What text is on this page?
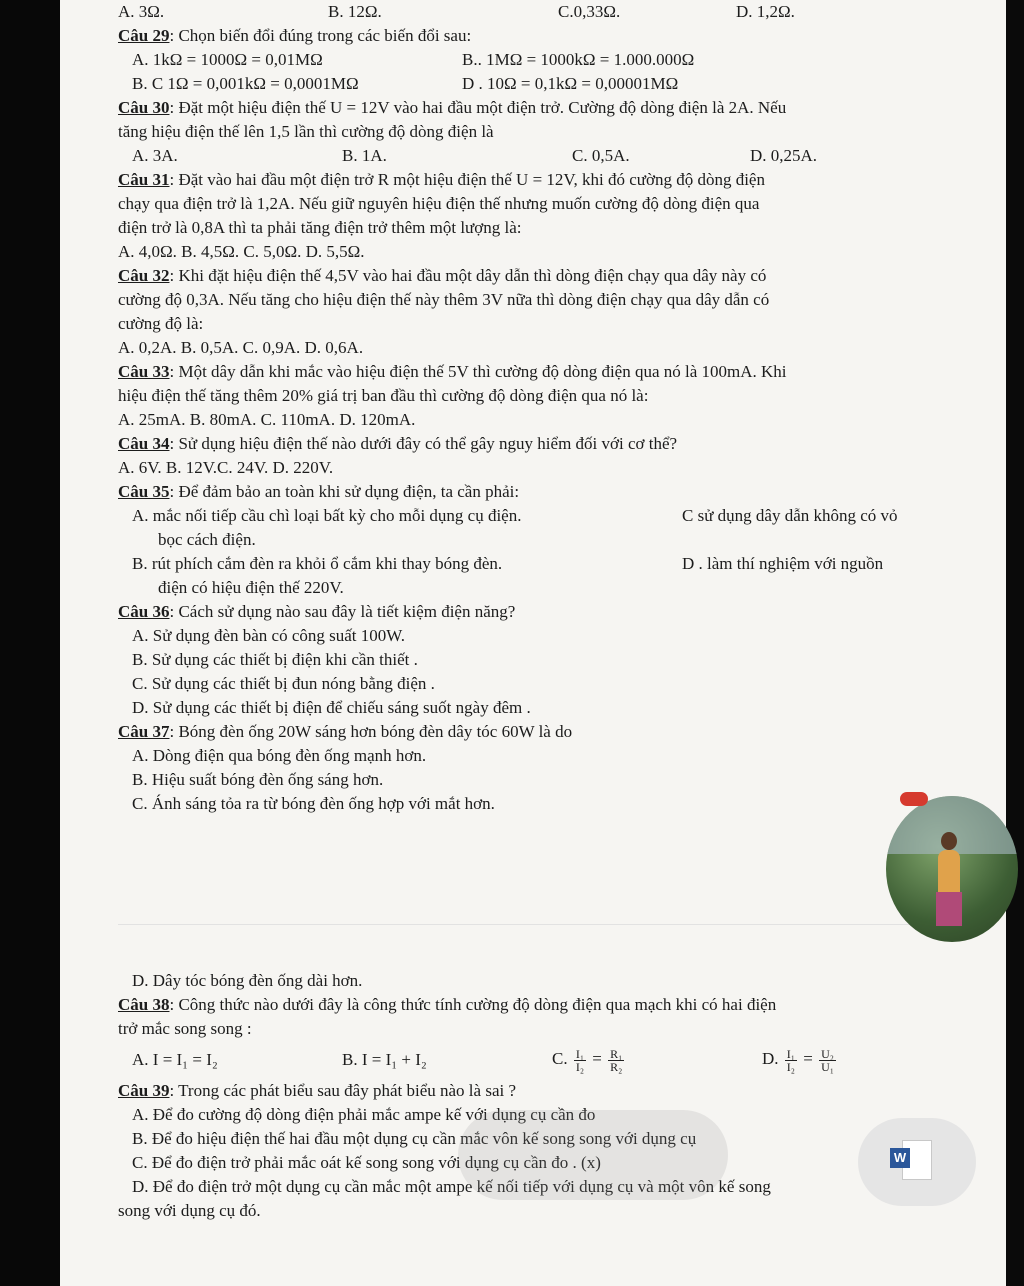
A. 3Ω.	B. 12Ω.	C.0,33Ω.	D. 1,2Ω.
Câu 29: Chọn biến đổi đúng trong các biến đổi sau:
A. 1kΩ = 1000Ω = 0,01MΩ	B.. 1MΩ = 1000kΩ = 1.000.000Ω
B. C 1Ω = 0,001kΩ = 0,0001MΩ	D . 10Ω = 0,1kΩ = 0,00001MΩ
Câu 30: Đặt một hiệu điện thế U = 12V vào hai đầu một điện trở. Cường độ dòng điện là 2A. Nếu
tăng hiệu điện thế lên 1,5 lần thì cường độ dòng điện là
A. 3A.	B. 1A.	C. 0,5A.	D. 0,25A.
Câu 31: Đặt vào hai đầu một điện trở R một hiệu điện thế U = 12V, khi đó cường độ dòng điện
chạy qua điện trở là 1,2A. Nếu giữ nguyên hiệu điện thế nhưng muốn cường độ dòng điện qua
điện trở là 0,8A thì ta phải tăng điện trở thêm một lượng là:
A. 4,0Ω. B. 4,5Ω. C. 5,0Ω. D. 5,5Ω.
Câu 32: Khi đặt hiệu điện thế 4,5V vào hai đầu một dây dẫn thì dòng điện chạy qua dây này có
cường độ 0,3A. Nếu tăng cho hiệu điện thế này thêm 3V nữa thì dòng điện chạy qua dây dẫn có
cường độ là:
A. 0,2A. B. 0,5A. C. 0,9A. D. 0,6A.
Câu 33: Một dây dẫn khi mắc vào hiệu điện thế 5V thì cường độ dòng điện qua nó là 100mA. Khi
hiệu điện thế tăng thêm 20% giá trị ban đầu thì cường độ dòng điện qua nó là:
A. 25mA. B. 80mA. C. 110mA. D. 120mA.
Câu 34: Sử dụng hiệu điện thế nào dưới đây có thể gây nguy hiểm đối với cơ thể?
A. 6V. B. 12V.C. 24V. D. 220V.
Câu 35: Để đảm bảo an toàn khi sử dụng điện, ta cần phải:
A. mắc nối tiếp cầu chì loại bất kỳ cho mỗi dụng cụ điện.	C sử dụng dây dẫn không có vỏ
bọc cách điện.
B. rút phích cắm đèn ra khỏi ổ cắm khi thay bóng đèn.	D . làm thí nghiệm với nguồn
điện có hiệu điện thế 220V.
Câu 36: Cách sử dụng nào sau đây là tiết kiệm điện năng?
A. Sử dụng đèn bàn có công suất 100W.
B. Sử dụng các thiết bị điện khi cần thiết .
C. Sử dụng các thiết bị đun nóng bằng điện .
D. Sử dụng các thiết bị điện để chiếu sáng suốt ngày đêm .
Câu 37: Bóng đèn ống 20W sáng hơn bóng đèn dây tóc 60W là do
A. Dòng điện qua bóng đèn ống mạnh hơn.
B. Hiệu suất bóng đèn ống sáng hơn.
C. Ánh sáng tỏa ra từ bóng đèn ống hợp với mắt hơn.
D. Dây tóc bóng đèn ống dài hơn.
Câu 38: Công thức nào dưới đây là công thức tính cường độ dòng điện qua mạch khi có hai điện
trở mắc song song :
A. I = I₁ = I₂	B. I = I₁ + I₂	C. $\frac{\text{I₁}}{\text{I₂}} = \frac{\text{R₁}}{\text{R₂}}$	D. $\frac{\text{I₁}}{\text{I₂}} = \frac{\text{U₂}}{\text{U₁}}$
Câu 39: Trong các phát biểu sau đây phát biểu nào là sai ?
A. Để đo cường độ dòng điện phải mắc ampe kế với dụng cụ cần đo
B. Để đo hiệu điện thế hai đầu một dụng cụ cần mắc vôn kế song song với dụng cụ
C. Để đo điện trở phải mắc oát kế song song với dụng cụ cần đo . (x)
D. Để đo điện trở một dụng cụ cần mắc một ampe kế nối tiếp với dụng cụ và một vôn kế song
song với dụng cụ đó.
W
